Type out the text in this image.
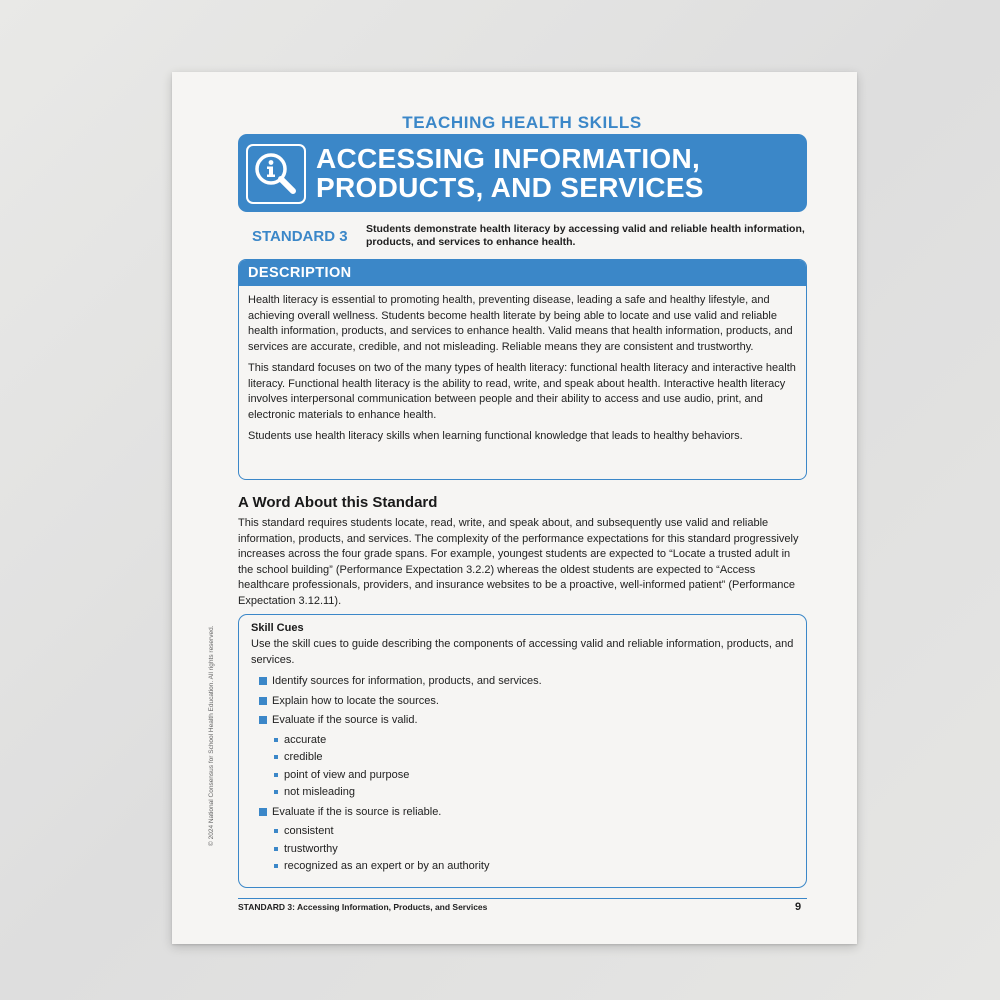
© 2024 National Consensus for School Health Education. All rights reserved.
TEACHING HEALTH SKILLS
ACCESSING INFORMATION,
PRODUCTS, AND SERVICES
STANDARD 3 Students demonstrate health literacy by accessing valid and reliable health information, products, and services to enhance health.
DESCRIPTION

Health literacy is essential to promoting health, preventing disease, leading a safe and healthy lifestyle, and achieving overall wellness. Students become health literate by being able to locate and use valid and reliable health information, products, and services to enhance health. Valid means that health information, products, and services are accurate, credible, and not misleading. Reliable means they are consistent and trustworthy.

This standard focuses on two of the many types of health literacy: functional health literacy and interactive health literacy. Functional health literacy is the ability to read, write, and speak about health. Interactive health literacy involves interpersonal communication between people and their ability to access and use audio, print, and electronic materials to enhance health.

Students use health literacy skills when learning functional knowledge that leads to healthy behaviors.

A Word About this Standard
This standard requires students locate, read, write, and speak about, and subsequently use valid and reliable information, products, and services. The complexity of the performance expectations for this standard progressively increases across the four grade spans. For example, youngest students are expected to “Locate a trusted adult in the school building” (Performance Expectation 3.2.2) whereas the oldest students are expected to “Access healthcare professionals, providers, and insurance websites to be a proactive, well-informed patient” (Performance Expectation 3.12.11).
Skill Cues
Use the skill cues to guide describing the components of accessing valid and reliable information, products, and services.
Identify sources for information, products, and services.
Explain how to locate the sources.
Evaluate if the source is valid.
accurate
credible
point of view and purpose
not misleading
Evaluate if the is source is reliable.
consistent
trustworthy
recognized as an expert or by an authority
STANDARD 3: Accessing Information, Products, and Services	9
